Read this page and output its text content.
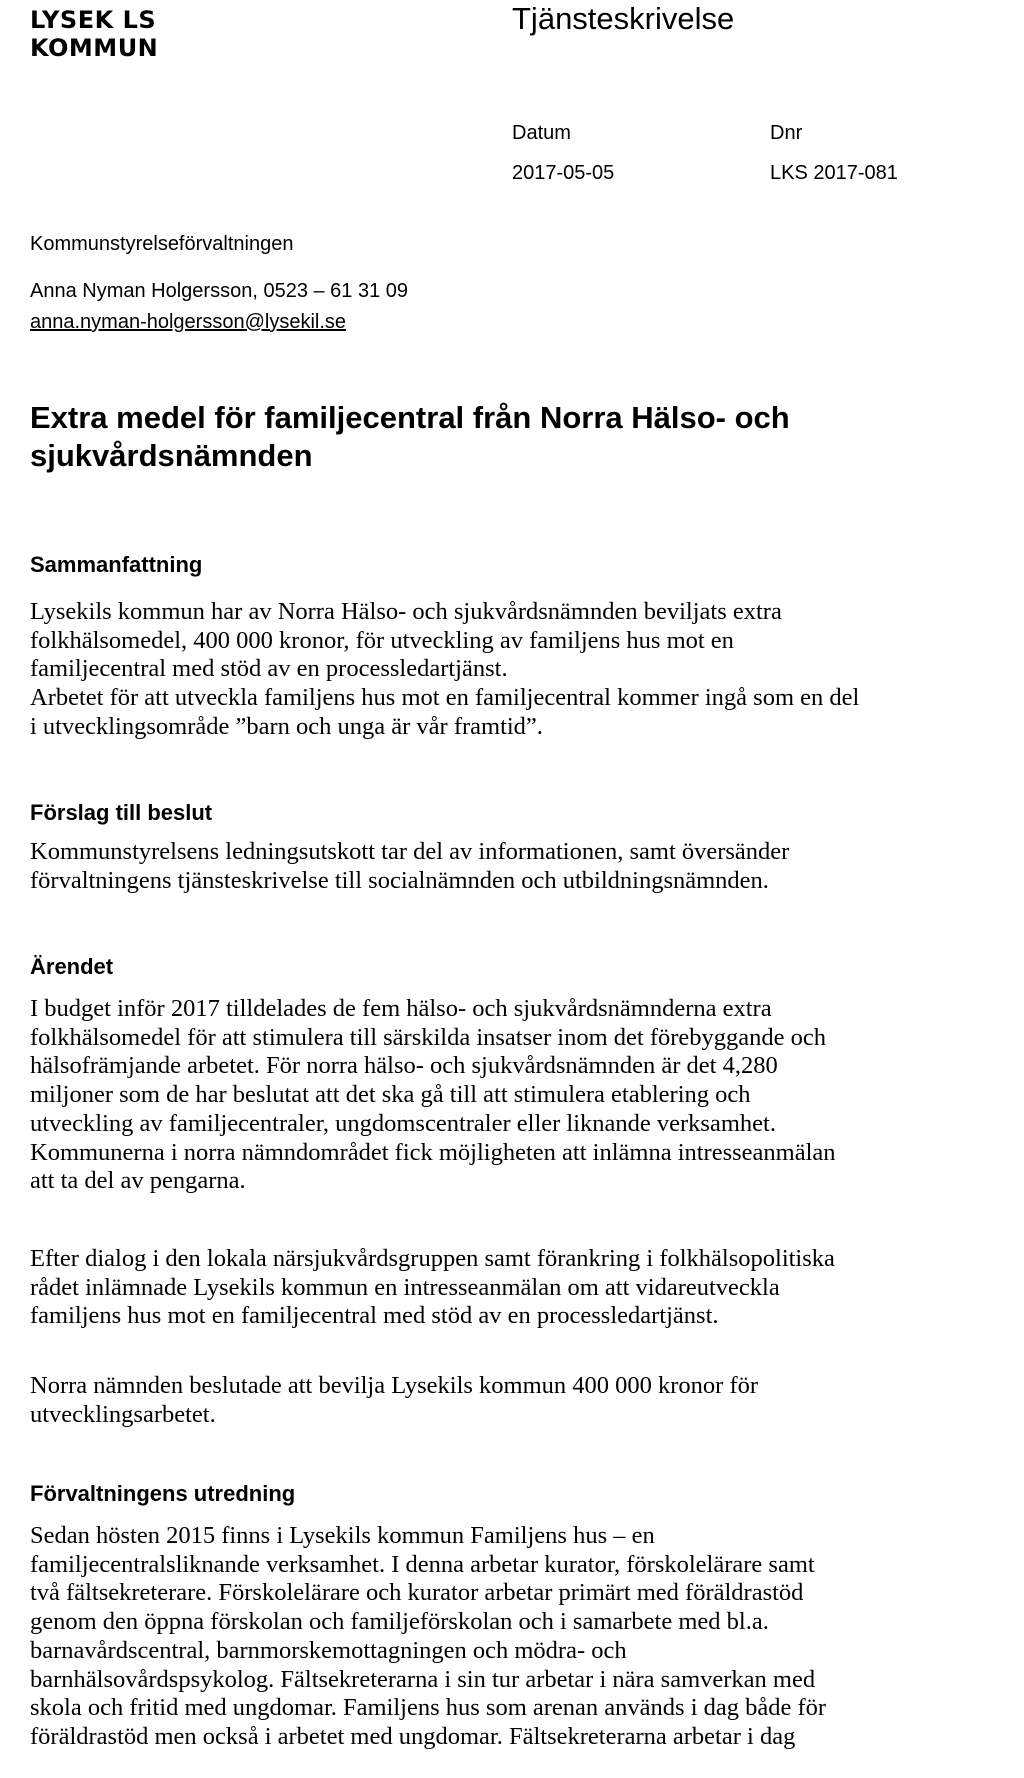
LYSEK LS
KOMMUN
Tjänsteskrivelse
Datum
2017-05-05
Dnr
LKS 2017-081
Kommunstyrelseförvaltningen
Anna Nyman Holgersson, 0523 – 61 31 09
anna.nyman-holgersson@lysekil.se
Extra medel för familjecentral från Norra Hälso- och sjukvårdsnämnden
Sammanfattning
Lysekils kommun har av Norra Hälso- och sjukvårdsnämnden beviljats extra
folkhälsomedel, 400 000 kronor, för utveckling av familjens hus mot en
familjecentral med stöd av en processledartjänst.
Arbetet för att utveckla familjens hus mot en familjecentral kommer ingå som en del
i utvecklingsområde ”barn och unga är vår framtid”.
Förslag till beslut
Kommunstyrelsens ledningsutskott tar del av informationen, samt översänder
förvaltningens tjänsteskrivelse till socialnämnden och utbildningsnämnden.
Ärendet
I budget inför 2017 tilldelades de fem hälso- och sjukvårdsnämnderna extra
folkhälsomedel för att stimulera till särskilda insatser inom det förebyggande och
hälsofrämjande arbetet. För norra hälso- och sjukvårdsnämnden är det 4,280
miljoner som de har beslutat att det ska gå till att stimulera etablering och
utveckling av familjecentraler, ungdomscentraler eller liknande verksamhet.
Kommunerna i norra nämndområdet fick möjligheten att inlämna intresseanmälan
att ta del av pengarna.
Efter dialog i den lokala närsjukvårdsgruppen samt förankring i folkhälsopolitiska
rådet inlämnade Lysekils kommun en intresseanmälan om att vidareutveckla
familjens hus mot en familjecentral med stöd av en processledartjänst.
Norra nämnden beslutade att bevilja Lysekils kommun 400 000 kronor för
utvecklingsarbetet.
Förvaltningens utredning
Sedan hösten 2015 finns i Lysekils kommun Familjens hus – en
familjecentralsliknande verksamhet. I denna arbetar kurator, förskolelärare samt
två fältsekreterare. Förskolelärare och kurator arbetar primärt med föräldrastöd
genom den öppna förskolan och familjeförskolan och i samarbete med bl.a.
barnavårdscentral, barnmorskemottagningen och mödra- och
barnhälsovårdspsykolog. Fältsekreterarna i sin tur arbetar i nära samverkan med
skola och fritid med ungdomar. Familjens hus som arenan används i dag både för
föräldrastöd men också i arbetet med ungdomar. Fältsekreterarna arbetar i dag
